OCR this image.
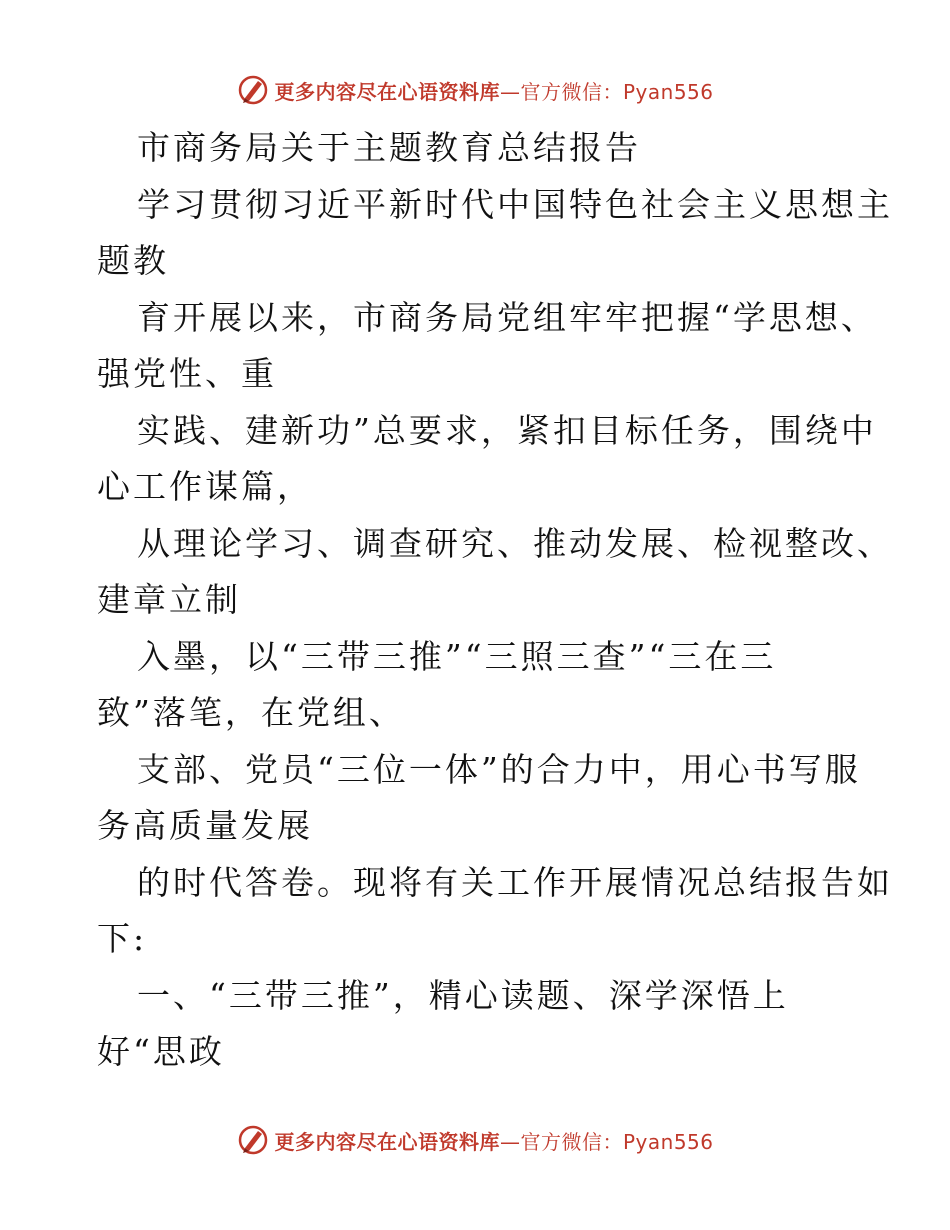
更多内容尽在心语资料库—官方微信：Pyan556
市商务局关于主题教育总结报告
学习贯彻习近平新时代中国特色社会主义思想主
题教
育开展以来，市商务局党组牢牢把握“学思想、
强党性、重
实践、建新功”总要求，紧扣目标任务，围绕中
心工作谋篇，
从理论学习、调查研究、推动发展、检视整改、
建章立制
入墨，以“三带三推”“三照三查”“三在三
致”落笔，在党组、
支部、党员“三位一体”的合力中，用心书写服
务高质量发展
的时代答卷。现将有关工作开展情况总结报告如
下:
一、“三带三推”，精心读题、深学深悟上
好“思政
更多内容尽在心语资料库—官方微信：Pyan556
